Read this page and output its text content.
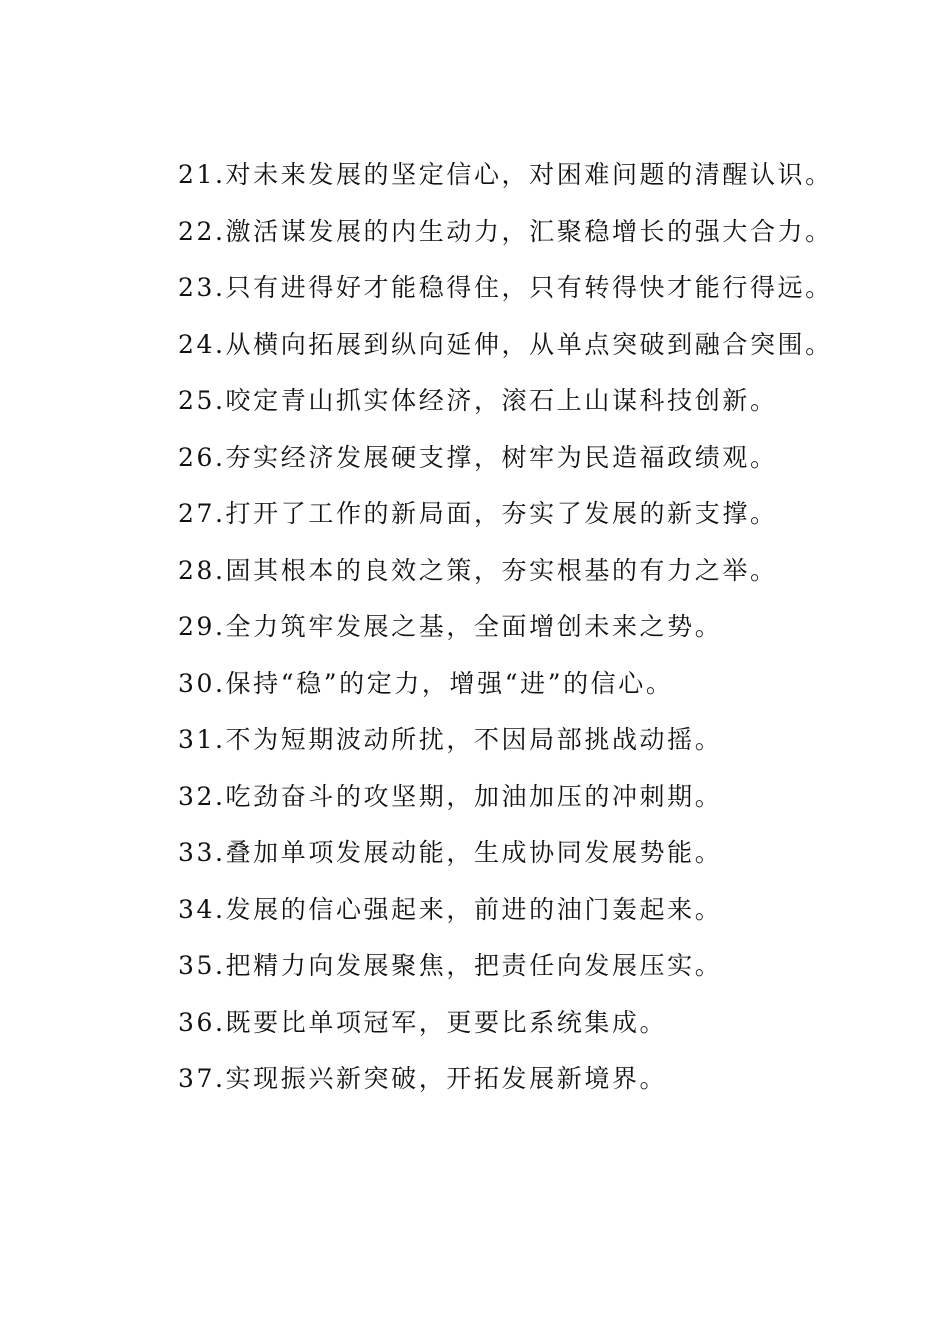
21.对未来发展的坚定信心，对困难问题的清醒认识。
22.激活谋发展的内生动力，汇聚稳增长的强大合力。
23.只有进得好才能稳得住，只有转得快才能行得远。
24.从横向拓展到纵向延伸，从单点突破到融合突围。
25.咬定青山抓实体经济，滚石上山谋科技创新。
26.夯实经济发展硬支撑，树牢为民造福政绩观。
27.打开了工作的新局面，夯实了发展的新支撑。
28.固其根本的良效之策，夯实根基的有力之举。
29.全力筑牢发展之基，全面增创未来之势。
30.保持“稳”的定力，增强“进”的信心。
31.不为短期波动所扰，不因局部挑战动摇。
32.吃劲奋斗的攻坚期，加油加压的冲刺期。
33.叠加单项发展动能，生成协同发展势能。
34.发展的信心强起来，前进的油门轰起来。
35.把精力向发展聚焦，把责任向发展压实。
36.既要比单项冠军，更要比系统集成。
37.实现振兴新突破，开拓发展新境界。
